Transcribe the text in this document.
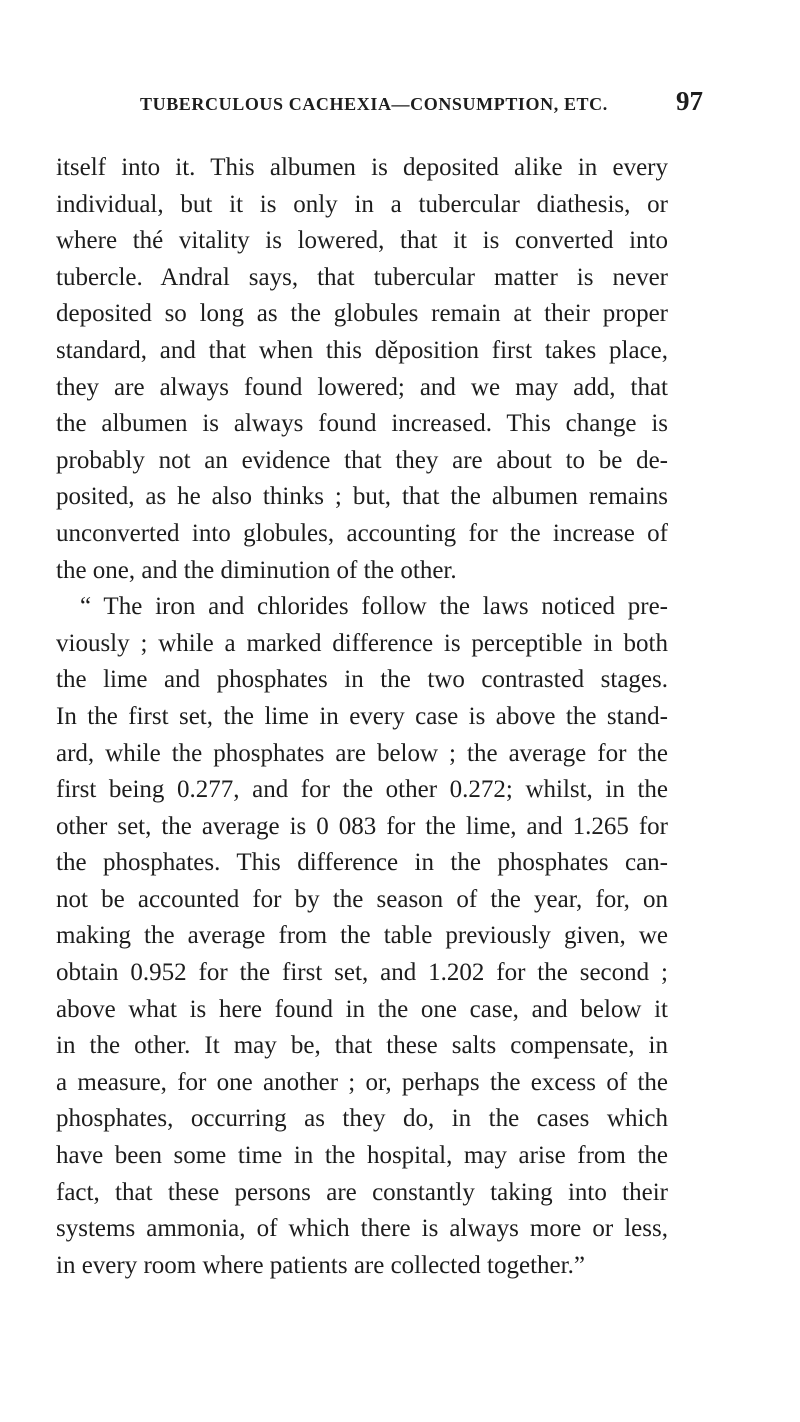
TUBERCULOUS CACHEXIA—CONSUMPTION, ETC.	97
itself into it. This albumen is deposited alike in every
individual, but it is only in a tubercular diathesis, or
where thé vitality is lowered, that it is converted into
tubercle. Andral says, that tubercular matter is never
deposited so long as the globules remain at their proper
standard, and that when this děposition first takes place,
they are always found lowered; and we may add, that
the albumen is always found increased. This change is
probably not an evidence that they are about to be de-
posited, as he also thinks ; but, that the albumen remains
unconverted into globules, accounting for the increase of
the one, and the diminution of the other.
“ The iron and chlorides follow the laws noticed pre-
viously ; while a marked difference is perceptible in both
the lime and phosphates in the two contrasted stages.
In the first set, the lime in every case is above the stand-
ard, while the phosphates are below ; the average for the
first being 0.277, and for the other 0.272; whilst, in the
other set, the average is 0 083 for the lime, and 1.265 for
the phosphates. This difference in the phosphates can-
not be accounted for by the season of the year, for, on
making the average from the table previously given, we
obtain 0.952 for the first set, and 1.202 for the second ;
above what is here found in the one case, and below it
in the other. It may be, that these salts compensate, in
a measure, for one another ; or, perhaps the excess of the
phosphates, occurring as they do, in the cases which
have been some time in the hospital, may arise from the
fact, that these persons are constantly taking into their
systems ammonia, of which there is always more or less,
in every room where patients are collected together.”
